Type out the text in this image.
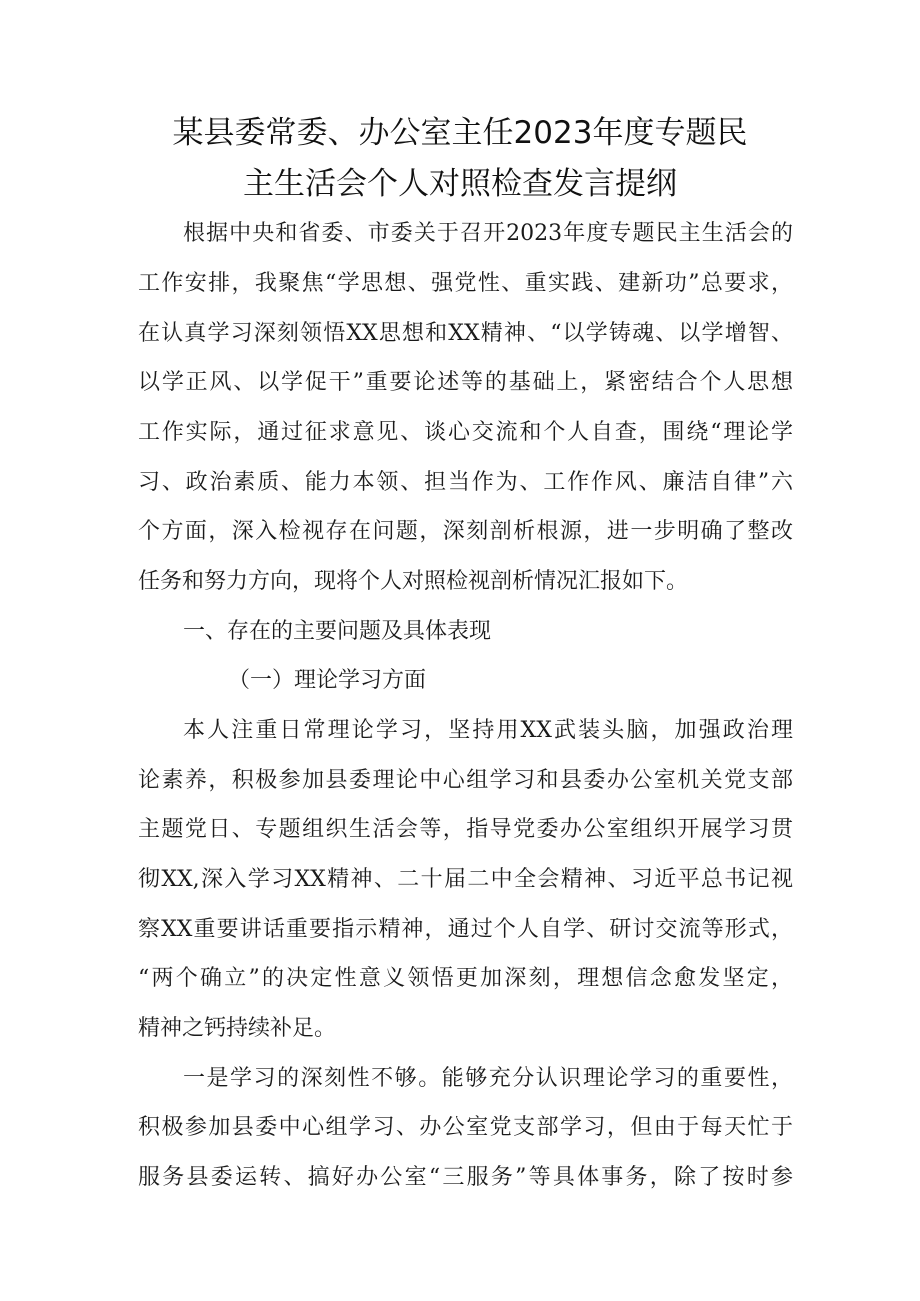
某县委常委、办公室主任2023年度专题民
主生活会个人对照检查发言提纲
根据中央和省委、市委关于召开2023年度专题民主生活会的
工作安排，我聚焦“学思想、强党性、重实践、建新功”总要求，
在认真学习深刻领悟XX思想和XX精神、“以学铸魂、以学增智、
以学正风、以学促干”重要论述等的基础上，紧密结合个人思想
工作实际，通过征求意见、谈心交流和个人自查，围绕“理论学
习、政治素质、能力本领、担当作为、工作作风、廉洁自律”六
个方面，深入检视存在问题，深刻剖析根源，进一步明确了整改
任务和努力方向，现将个人对照检视剖析情况汇报如下。
一、存在的主要问题及具体表现
（一）理论学习方面
本人注重日常理论学习，坚持用XX武装头脑，加强政治理
论素养，积极参加县委理论中心组学习和县委办公室机关党支部
主题党日、专题组织生活会等，指导党委办公室组织开展学习贯
彻XX,深入学习XX精神、二十届二中全会精神、习近平总书记视
察XX重要讲话重要指示精神，通过个人自学、研讨交流等形式，
“两个确立”的决定性意义领悟更加深刻，理想信念愈发坚定，
精神之钙持续补足。
一是学习的深刻性不够。能够充分认识理论学习的重要性，
积极参加县委中心组学习、办公室党支部学习，但由于每天忙于
服务县委运转、搞好办公室“三服务”等具体事务，除了按时参
